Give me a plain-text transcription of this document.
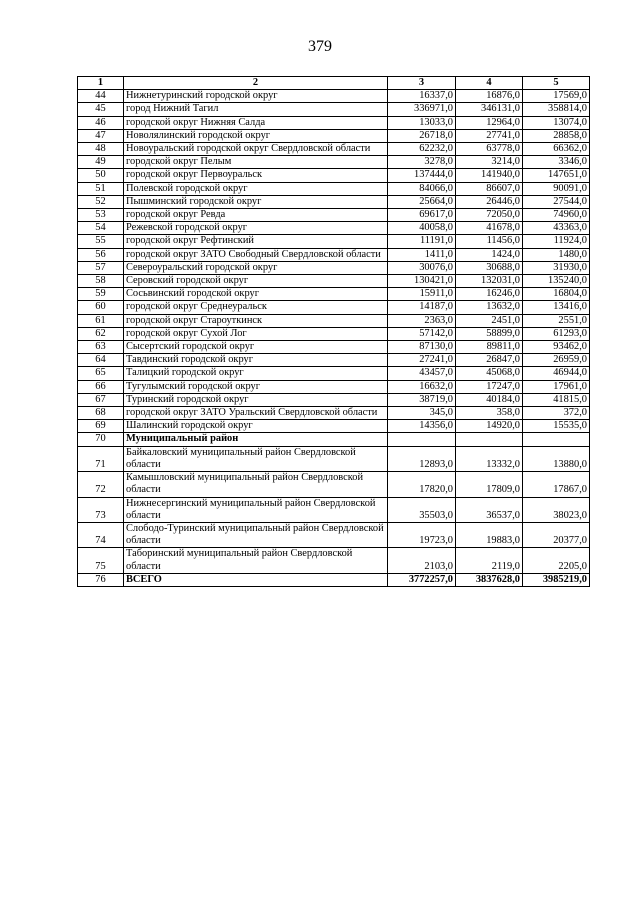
379
1	2	3	4	5
44	Нижнетуринский городской округ	16337,0	16876,0	17569,0
45	город Нижний Тагил	336971,0	346131,0	358814,0
46	городской округ Нижняя Салда	13033,0	12964,0	13074,0
47	Новолялинский городской округ	26718,0	27741,0	28858,0
48	Новоуральский городской округ Свердловской области	62232,0	63778,0	66362,0
49	городской округ Пелым	3278,0	3214,0	3346,0
50	городской округ Первоуральск	137444,0	141940,0	147651,0
51	Полевской городской округ	84066,0	86607,0	90091,0
52	Пышминский городской округ	25664,0	26446,0	27544,0
53	городской округ Ревда	69617,0	72050,0	74960,0
54	Режевской городской округ	40058,0	41678,0	43363,0
55	городской округ Рефтинский	11191,0	11456,0	11924,0
56	городской округ ЗАТО Свободный Свердловской области	1411,0	1424,0	1480,0
57	Североуральский городской округ	30076,0	30688,0	31930,0
58	Серовский городской округ	130421,0	132031,0	135240,0
59	Сосьвинский городской округ	15911,0	16246,0	16804,0
60	городской округ Среднеуральск	14187,0	13632,0	13416,0
61	городской округ Староуткинск	2363,0	2451,0	2551,0
62	городской округ Сухой Лог	57142,0	58899,0	61293,0
63	Сысертский городской округ	87130,0	89811,0	93462,0
64	Тавдинский городской округ	27241,0	26847,0	26959,0
65	Талицкий городской округ	43457,0	45068,0	46944,0
66	Тугулымский городской округ	16632,0	17247,0	17961,0
67	Туринский городской округ	38719,0	40184,0	41815,0
68	городской округ ЗАТО Уральский Свердловской области	345,0	358,0	372,0
69	Шалинский городской округ	14356,0	14920,0	15535,0
70	Муниципальный район			
71	Байкаловский муниципальный район Свердловской области	12893,0	13332,0	13880,0
72	Камышловский муниципальный район Свердловской области	17820,0	17809,0	17867,0
73	Нижнесергинский муниципальный район Свердловской области	35503,0	36537,0	38023,0
74	Слободо-Туринский муниципальный район Свердловской области	19723,0	19883,0	20377,0
75	Таборинский муниципальный район Свердловской области	2103,0	2119,0	2205,0
76	ВСЕГО	3772257,0	3837628,0	3985219,0
